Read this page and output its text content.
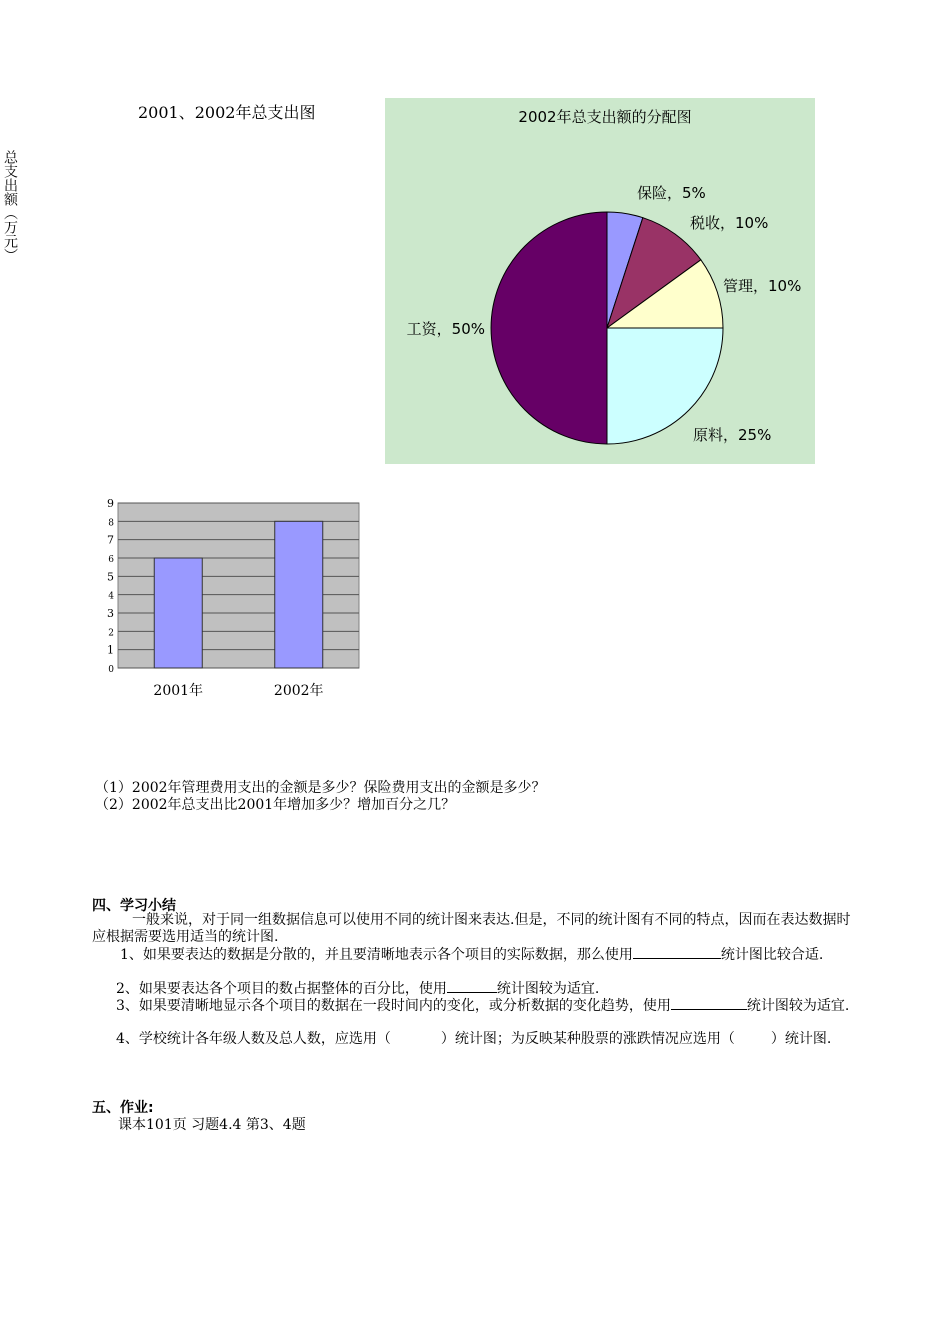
总支出额（万元）
2001、2002年总支出图	2002年总支出额的分配图
保险，5%
税收，10%
管理，10%
原料，25%
工资，50%
0
1
2
3
4
5
6
7
8
9
2001年	2002年
（1）2002年管理费用支出的金额是多少？保险费用支出的金额是多少？
（2）2002年总支出比2001年增加多少？增加百分之几？
四、学习小结
一般来说，对于同一组数据信息可以使用不同的统计图来表达.但是，不同的统计图有不同的特点，因而在表达数据时应根据需要选用适当的统计图.
1、如果要表达的数据是分散的，并且要清晰地表示各个项目的实际数据，那么使用	统计图比较合适.
2、如果要表达各个项目的数占据整体的百分比，使用	统计图较为适宜.
3、如果要清晰地显示各个项目的数据在一段时间内的变化，或分析数据的变化趋势，使用	统计图较为适宜.
4、学校统计各年级人数及总人数，应选用（	）统计图；为反映某种股票的涨跌情况应选用（	）统计图.
五、作业:
课本101页 习题4.4 第3、4题
